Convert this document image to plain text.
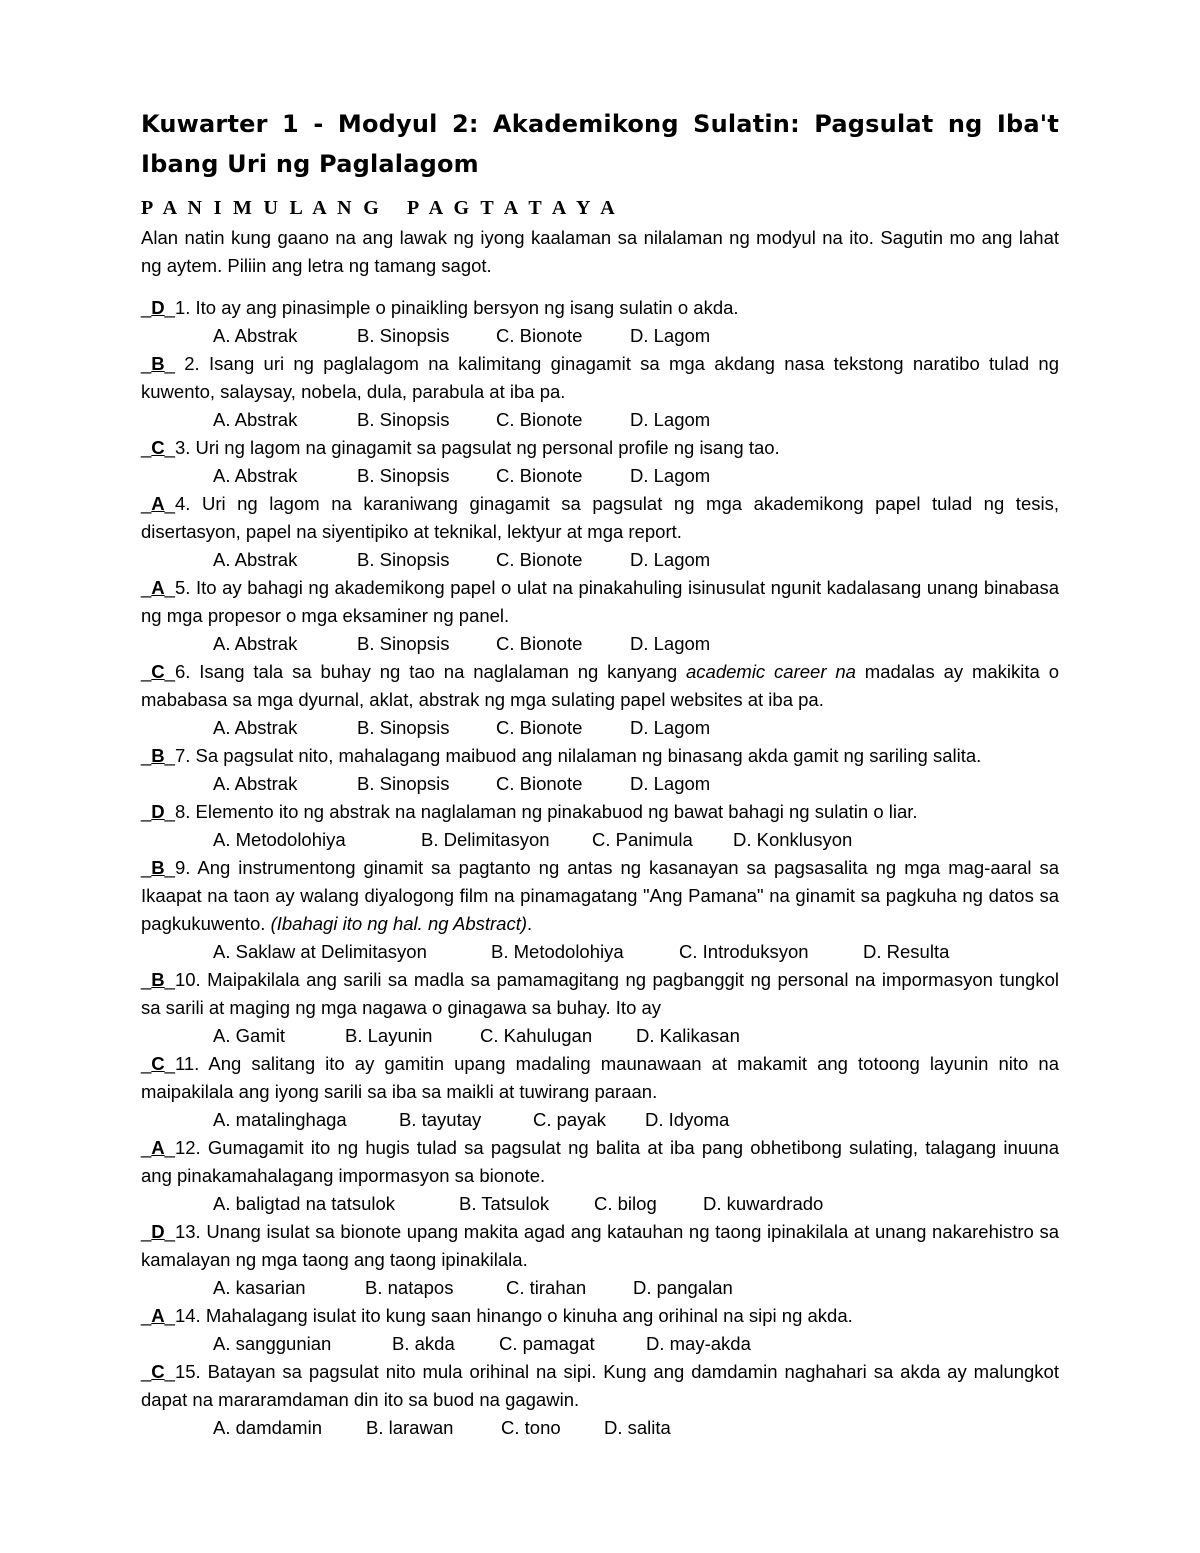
Kuwarter 1 - Modyul 2: Akademikong Sulatin: Pagsulat ng Iba't Ibang Uri ng Paglalagom
P A N I M U L A N G   P A G T A T A Y A
Alan natin kung gaano na ang lawak ng iyong kaalaman sa nilalaman ng modyul na ito. Sagutin mo ang lahat ng aytem. Piliin ang letra ng tamang sagot.
_D_1. Ito ay ang pinasimple o pinaikling bersyon ng isang sulatin o akda.
A. Abstrak	B. Sinopsis	C. Bionote	D. Lagom
_B_ 2. Isang uri ng paglalagom na kalimitang ginagamit sa mga akdang nasa tekstong naratibo tulad ng kuwento, salaysay, nobela, dula, parabula at iba pa.
A. Abstrak	B. Sinopsis	C. Bionote	D. Lagom
_C_3. Uri ng lagom na ginagamit sa pagsulat ng personal profile ng isang tao.
A. Abstrak	B. Sinopsis	C. Bionote	D. Lagom
_A_4. Uri ng lagom na karaniwang ginagamit sa pagsulat ng mga akademikong papel tulad ng tesis, disertasyon, papel na siyentipiko at teknikal, lektyur at mga report.
A. Abstrak	B. Sinopsis	C. Bionote	D. Lagom
_A_5. Ito ay bahagi ng akademikong papel o ulat na pinakahuling isinusulat ngunit kadalasang unang binabasa ng mga propesor o mga eksaminer ng panel.
A. Abstrak	B. Sinopsis	C. Bionote	D. Lagom
_C_6. Isang tala sa buhay ng tao na naglalaman ng kanyang academic career na madalas ay makikita o mababasa sa mga dyurnal, aklat, abstrak ng mga sulating papel websites at iba pa.
A. Abstrak	B. Sinopsis	C. Bionote	D. Lagom
_B_7. Sa pagsulat nito, mahalagang maibuod ang nilalaman ng binasang akda gamit ng sariling salita.
A. Abstrak	B. Sinopsis	C. Bionote	D. Lagom
_D_8. Elemento ito ng abstrak na naglalaman ng pinakabuod ng bawat bahagi ng sulatin o liar.
A. Metodolohiya	B. Delimitasyon C. Panimula D. Konklusyon
_B_9. Ang instrumentong ginamit sa pagtanto ng antas ng kasanayan sa pagsasalita ng mga mag-aaral sa Ikaapat na taon ay walang diyalogong film na pinamagatang "Ang Pamana" na ginamit sa pagkuha ng datos sa pagkukuwento. (Ibahagi ito ng hal. ng Abstract).
A. Saklaw at Delimitasyon	B. Metodolohiya	C. Introduksyon	D. Resulta
_B_10. Maipakilala ang sarili sa madla sa pamamagitang ng pagbanggit ng personal na impormasyon tungkol sa sarili at maging ng mga nagawa o ginagawa sa buhay. Ito ay
A. Gamit	B. Layunin	C. Kahulugan D. Kalikasan
_C_11. Ang salitang ito ay gamitin upang madaling maunawaan at makamit ang totoong layunin nito na maipakilala ang iyong sarili sa iba sa maikli at tuwirang paraan.
A. matalinghaga	B. tayutay	C. payak D. Idyoma
_A_12. Gumagamit ito ng hugis tulad sa pagsulat ng balita at iba pang obhetibong sulating, talagang inuuna ang pinakamahalagang impormasyon sa bionote.
A. baligtad na tatsulok	B. Tatsulok C. bilog	D. kuwardrado
_D_13. Unang isulat sa bionote upang makita agad ang katauhan ng taong ipinakilala at unang nakarehistro sa kamalayan ng mga taong ang taong ipinakilala.
A. kasarian	B. natapos	C. tirahan	D. pangalan
_A_14. Mahalagang isulat ito kung saan hinango o kinuha ang orihinal na sipi ng akda.
A. sanggunian	B. akda C. pamagat	D. may-akda
_C_15. Batayan sa pagsulat nito mula orihinal na sipi. Kung ang damdamin naghahari sa akda ay malungkot dapat na mararamdaman din ito sa buod na gagawin.
A. damdamin B. larawan	C. tono D. salita
